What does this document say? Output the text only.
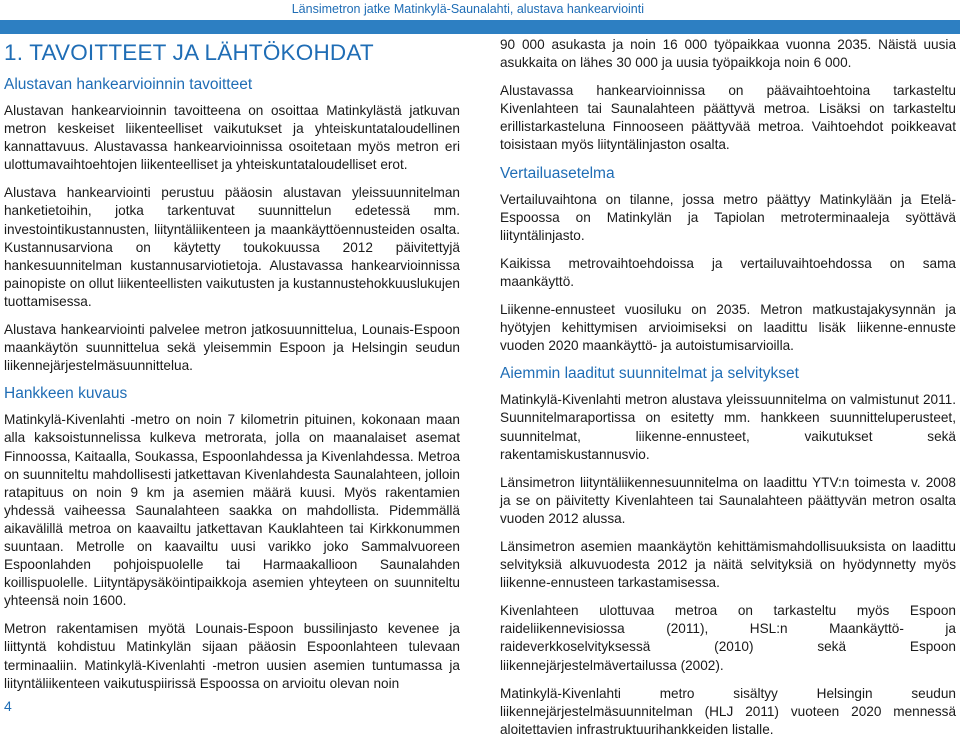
Länsimetron jatke Matinkylä-Saunalahti, alustava hankearviointi
1. TAVOITTEET JA LÄHTÖKOHDAT
Alustavan hankearvioinnin tavoitteet

Alustavan hankearvioinnin tavoitteena on osoittaa Matinkylästä jatkuvan metron keskeiset liikenteelliset vaikutukset ja yhteiskuntataloudellinen kannattavuus. Alustavassa hankearvioinnissa osoitetaan myös metron eri ulottumavaihtoehtojen liikenteelliset ja yhteiskuntataloudelliset erot.

Alustava hankearviointi perustuu pääosin alustavan yleissuunnitelman hanketietoihin, jotka tarkentuvat suunnittelun edetessä mm. investointikustannusten, liityntäliikenteen ja maankäyttöennusteiden osalta. Kustannusarviona on käytetty toukokuussa 2012 päivitettyjä hankesuunnitelman kustannusarviotietoja. Alustavassa hankearvioinnissa painopiste on ollut liikenteellisten vaikutusten ja kustannustehokkuuslukujen tuottamisessa.

Alustava hankearviointi palvelee metron jatkosuunnittelua, Lounais-Espoon maankäytön suunnittelua sekä yleisemmin Espoon ja Helsingin seudun liikennejärjestelmäsuunnittelua.

Hankkeen kuvaus

Matinkylä-Kivenlahti -metro on noin 7 kilometrin pituinen, kokonaan maan alla kaksoistunnelissa kulkeva metrorata, jolla on maanalaiset asemat Finnoossa, Kaitaalla, Soukassa, Espoonlahdessa ja Kivenlahdessa. Metroa on suunniteltu mahdollisesti jatkettavan Kivenlahdesta Saunalahteen, jolloin ratapituus on noin 9 km ja asemien määrä kuusi. Myös rakentamien yhdessä vaiheessa Saunalahteen saakka on mahdollista. Pidemmällä aikavälillä metroa on kaavailtu jatkettavan Kauklahteen tai Kirkkonummen suuntaan. Metrolle on kaavailtu uusi varikko joko Sammalvuoreen Espoonlahden pohjoispuolelle tai Harmaakallioon Saunalahden koillispuolelle. Liityntäpysäköintipaikkoja asemien yhteyteen on suunniteltu yhteensä noin 1600.

Metron rakentamisen myötä Lounais-Espoon bussilinjasto kevenee ja liittyntä kohdistuu Matinkylän sijaan pääosin Espoonlahteen tulevaan terminaaliin. Matinkylä-Kivenlahti -metron uusien asemien tuntumassa ja liityntäliikenteen vaikutuspiirissä Espoossa on arvioitu olevan noin

90 000 asukasta ja noin 16 000 työpaikkaa vuonna 2035. Näistä uusia asukkaita on lähes 30 000 ja uusia työpaikkoja noin 6 000.

Alustavassa hankearvioinnissa on päävaihtoehtoina tarkasteltu Kivenlahteen tai Saunalahteen päättyvä metroa. Lisäksi on tarkasteltu erillistarkasteluna Finnooseen päättyvää metroa. Vaihtoehdot poikkeavat toisistaan myös liityntälinjaston osalta.

Vertailuasetelma

Vertailuvaihtona on tilanne, jossa metro päättyy Matinkylään ja Etelä-Espoossa on Matinkylän ja Tapiolan metroterminaaleja syöttävä liityntälinjasto.

Kaikissa metrovaihtoehdoissa ja vertailuvaihtoehdossa on sama maankäyttö.

Liikenne-ennusteet vuosiluku on 2035. Metron matkustajakysynnän ja hyötyjen kehittymisen arvioimiseksi on laadittu lisäk liikenne-ennuste vuoden 2020 maankäyttö- ja autoistumisarvioilla.

Aiemmin laaditut suunnitelmat ja selvitykset

Matinkylä-Kivenlahti metron alustava yleissuunnitelma on valmistunut 2011. Suunnitelmaraportissa on esitetty mm. hankkeen suunnitteluperusteet, suunnitelmat, liikenne-ennusteet, vaikutukset sekä rakentamiskustannusvio.

Länsimetron liityntäliikennesuunnitelma on laadittu YTV:n toimesta v. 2008 ja se on päivitetty Kivenlahteen tai Saunalahteen päättyvän metron osalta vuoden 2012 alussa.

Länsimetron asemien maankäytön kehittämismahdollisuuksista on laadittu selvityksiä alkuvuodesta 2012 ja näitä selvityksiä on hyödynnetty myös liikenne-ennusteen tarkastamisessa.

Kivenlahteen ulottuvaa metroa on tarkasteltu myös Espoon raideliikennevisiossa (2011), HSL:n Maankäyttö- ja raideverkkoselvityksessä (2010) sekä Espoon liikennejärjestelmävertailussa (2002).

Matinkylä-Kivenlahti metro sisältyy Helsingin seudun liikennejärjestelmäsuunnitelman (HLJ 2011) vuoteen 2020 mennessä aloitettavien infrastruktuurihankkeiden listalle.

4
